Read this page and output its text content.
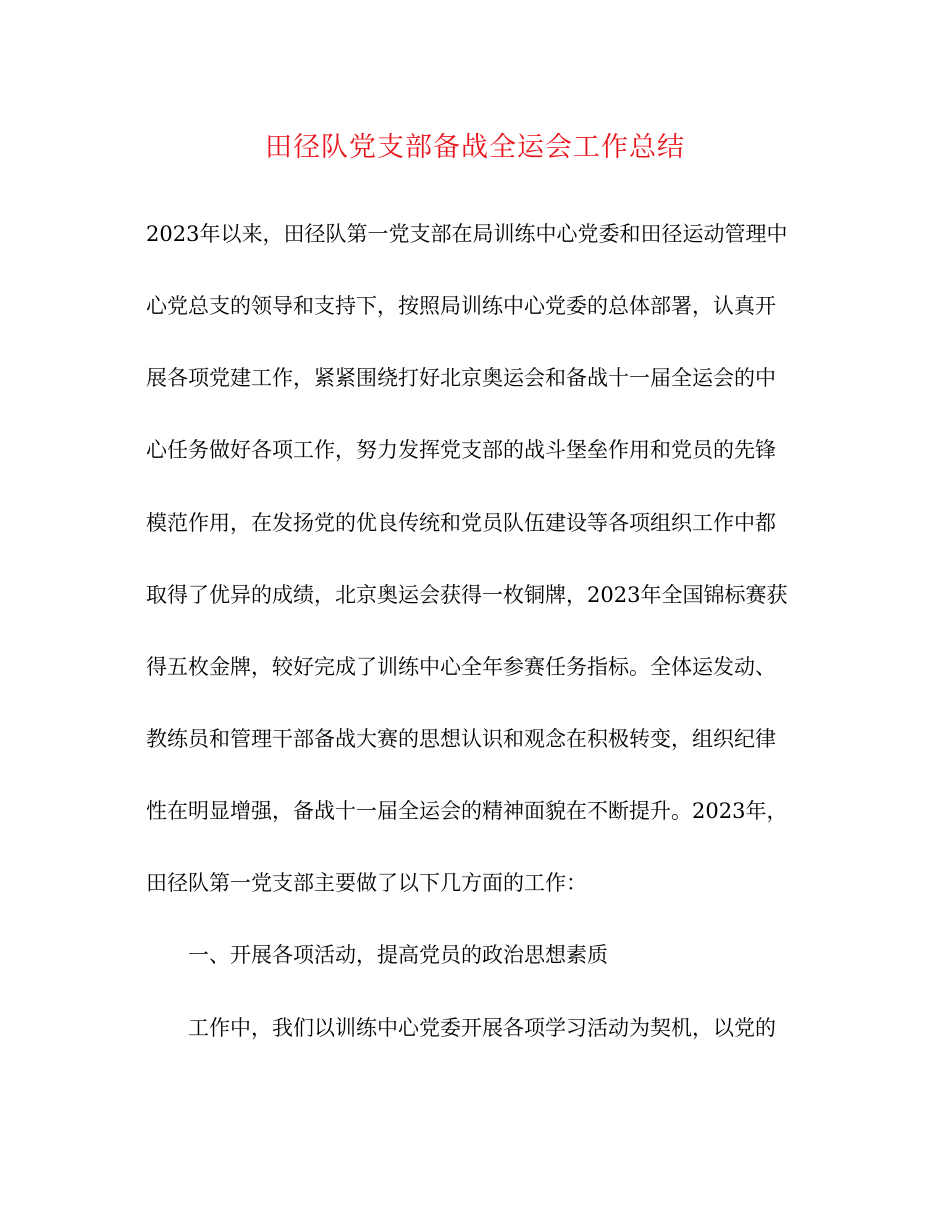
田径队党支部备战全运会工作总结
2023年以来，田径队第一党支部在局训练中心党委和田径运动管理中
心党总支的领导和支持下，按照局训练中心党委的总体部署，认真开
展各项党建工作，紧紧围绕打好北京奥运会和备战十一届全运会的中
心任务做好各项工作，努力发挥党支部的战斗堡垒作用和党员的先锋
模范作用，在发扬党的优良传统和党员队伍建设等各项组织工作中都
取得了优异的成绩，北京奥运会获得一枚铜牌，2023年全国锦标赛获
得五枚金牌，较好完成了训练中心全年参赛任务指标。全体运发动、
教练员和管理干部备战大赛的思想认识和观念在积极转变，组织纪律
性在明显增强，备战十一届全运会的精神面貌在不断提升。2023年，
田径队第一党支部主要做了以下几方面的工作：
一、开展各项活动，提高党员的政治思想素质
工作中，我们以训练中心党委开展各项学习活动为契机，以党的
